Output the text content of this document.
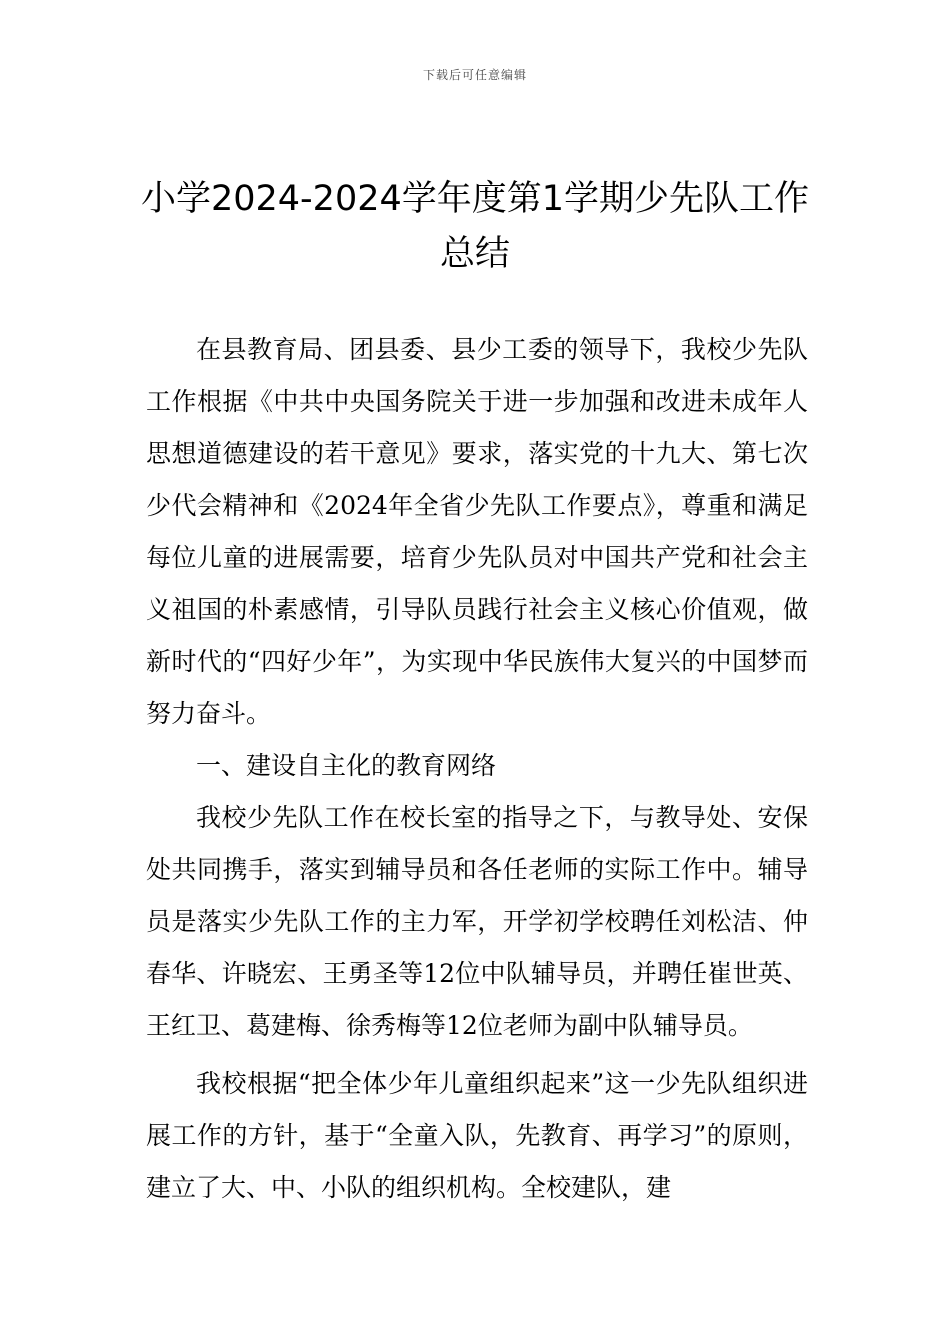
下载后可任意编辑
小学2024-2024学年度第1学期少先队工作
总结

在县教育局、团县委、县少工委的领导下，我校少先队工作根据《中共中央国务院关于进一步加强和改进未成年人思想道德建设的若干意见》要求，落实党的十九大、第七次少代会精神和《2024年全省少先队工作要点》，尊重和满足每位儿童的进展需要，培育少先队员对中国共产党和社会主义祖国的朴素感情，引导队员践行社会主义核心价值观，做新时代的“四好少年”，为实现中华民族伟大复兴的中国梦而努力奋斗。

一、建设自主化的教育网络

我校少先队工作在校长室的指导之下，与教导处、安保处共同携手，落实到辅导员和各任老师的实际工作中。辅导员是落实少先队工作的主力军，开学初学校聘任刘松洁、仲春华、许晓宏、王勇圣等12位中队辅导员，并聘任崔世英、王红卫、葛建梅、徐秀梅等12位老师为副中队辅导员。

我校根据“把全体少年儿童组织起来”这一少先队组织进展工作的方针，基于“全童入队，先教育、再学习”的原则，建立了大、中、小队的组织机构。全校建队，建
